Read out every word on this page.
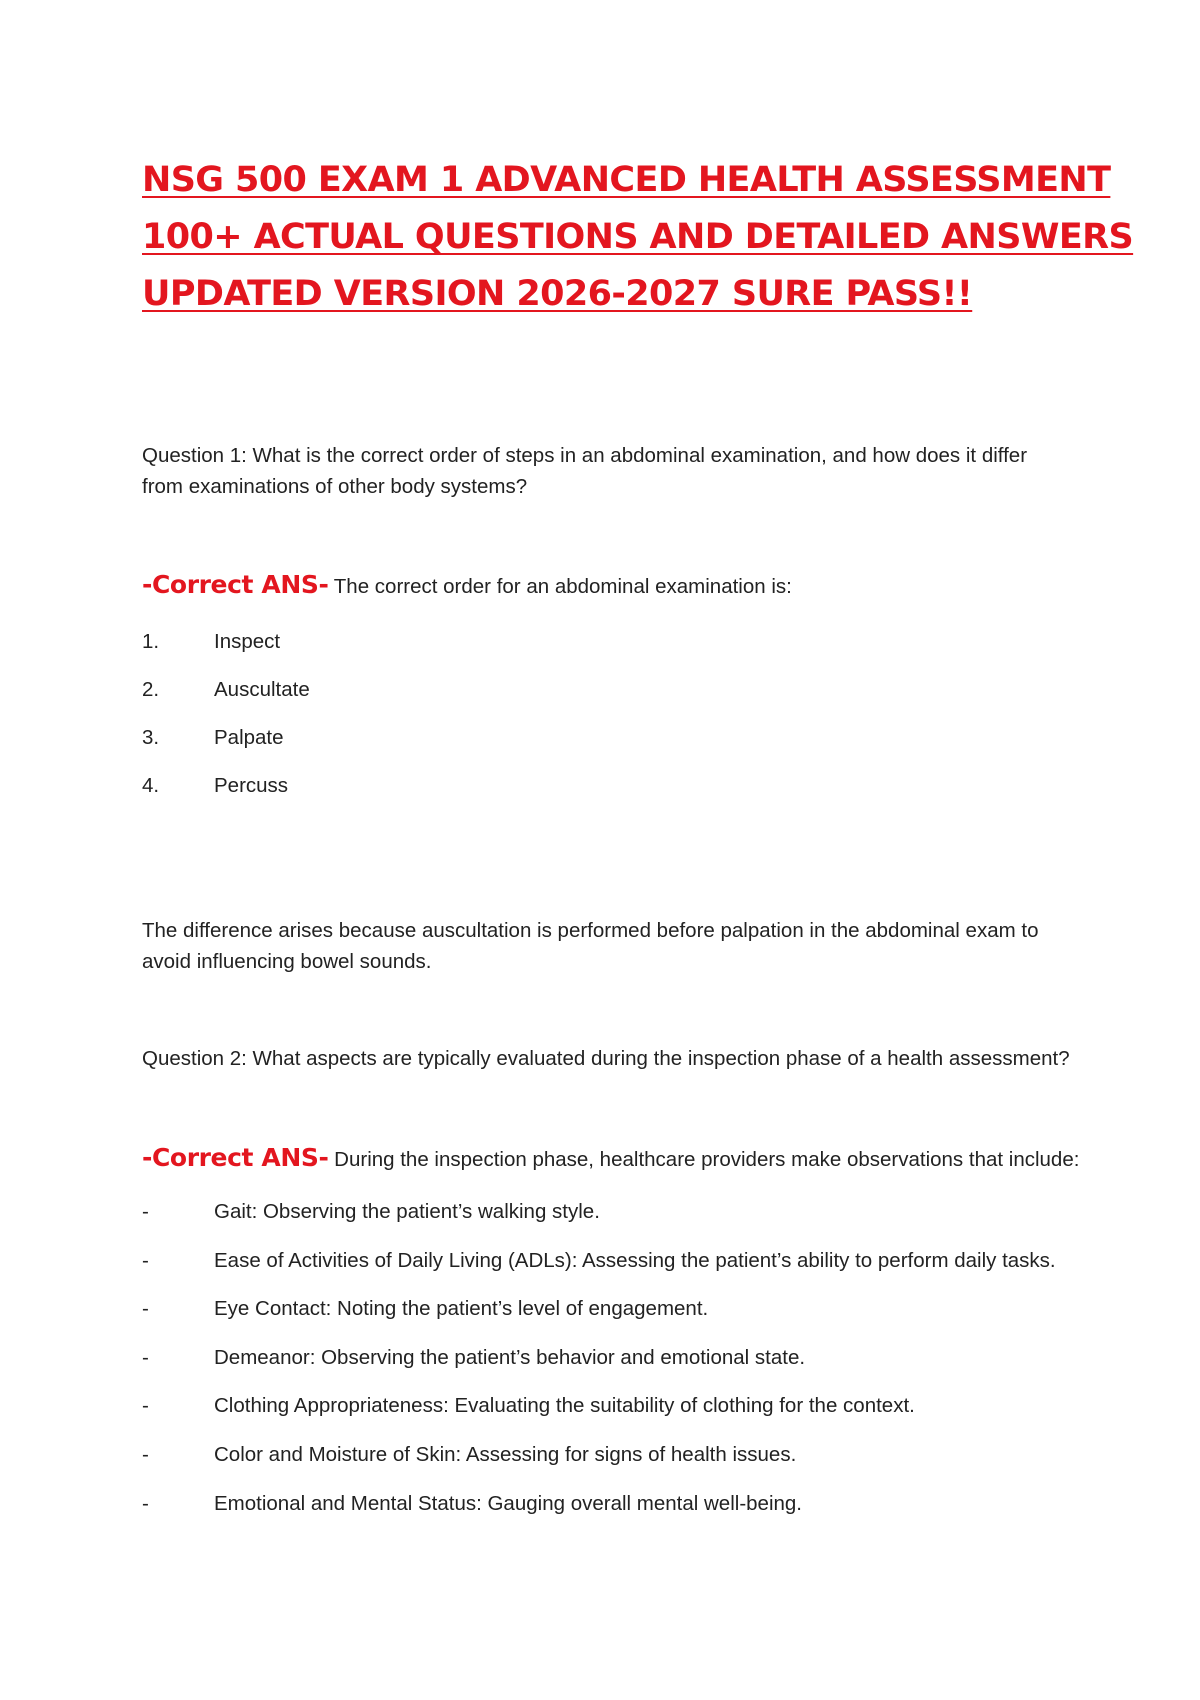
NSG 500 EXAM 1 ADVANCED HEALTH ASSESSMENT
100+ ACTUAL QUESTIONS AND DETAILED ANSWERS
UPDATED VERSION 2026-2027 SURE PASS!!

Question 1: What is the correct order of steps in an abdominal examination, and how does it differ from examinations of other body systems?

-Correct ANS- The correct order for an abdominal examination is:

1.	Inspect
2.	Auscultate
3.	Palpate
4.	Percuss

The difference arises because auscultation is performed before palpation in the abdominal exam to avoid influencing bowel sounds.

Question 2: What aspects are typically evaluated during the inspection phase of a health assessment?

-Correct ANS- During the inspection phase, healthcare providers make observations that include:

-	Gait: Observing the patient’s walking style.
-	Ease of Activities of Daily Living (ADLs): Assessing the patient’s ability to perform daily tasks.
-	Eye Contact: Noting the patient’s level of engagement.
-	Demeanor: Observing the patient’s behavior and emotional state.
-	Clothing Appropriateness: Evaluating the suitability of clothing for the context.
-	Color and Moisture of Skin: Assessing for signs of health issues.
-	Emotional and Mental Status: Gauging overall mental well-being.
